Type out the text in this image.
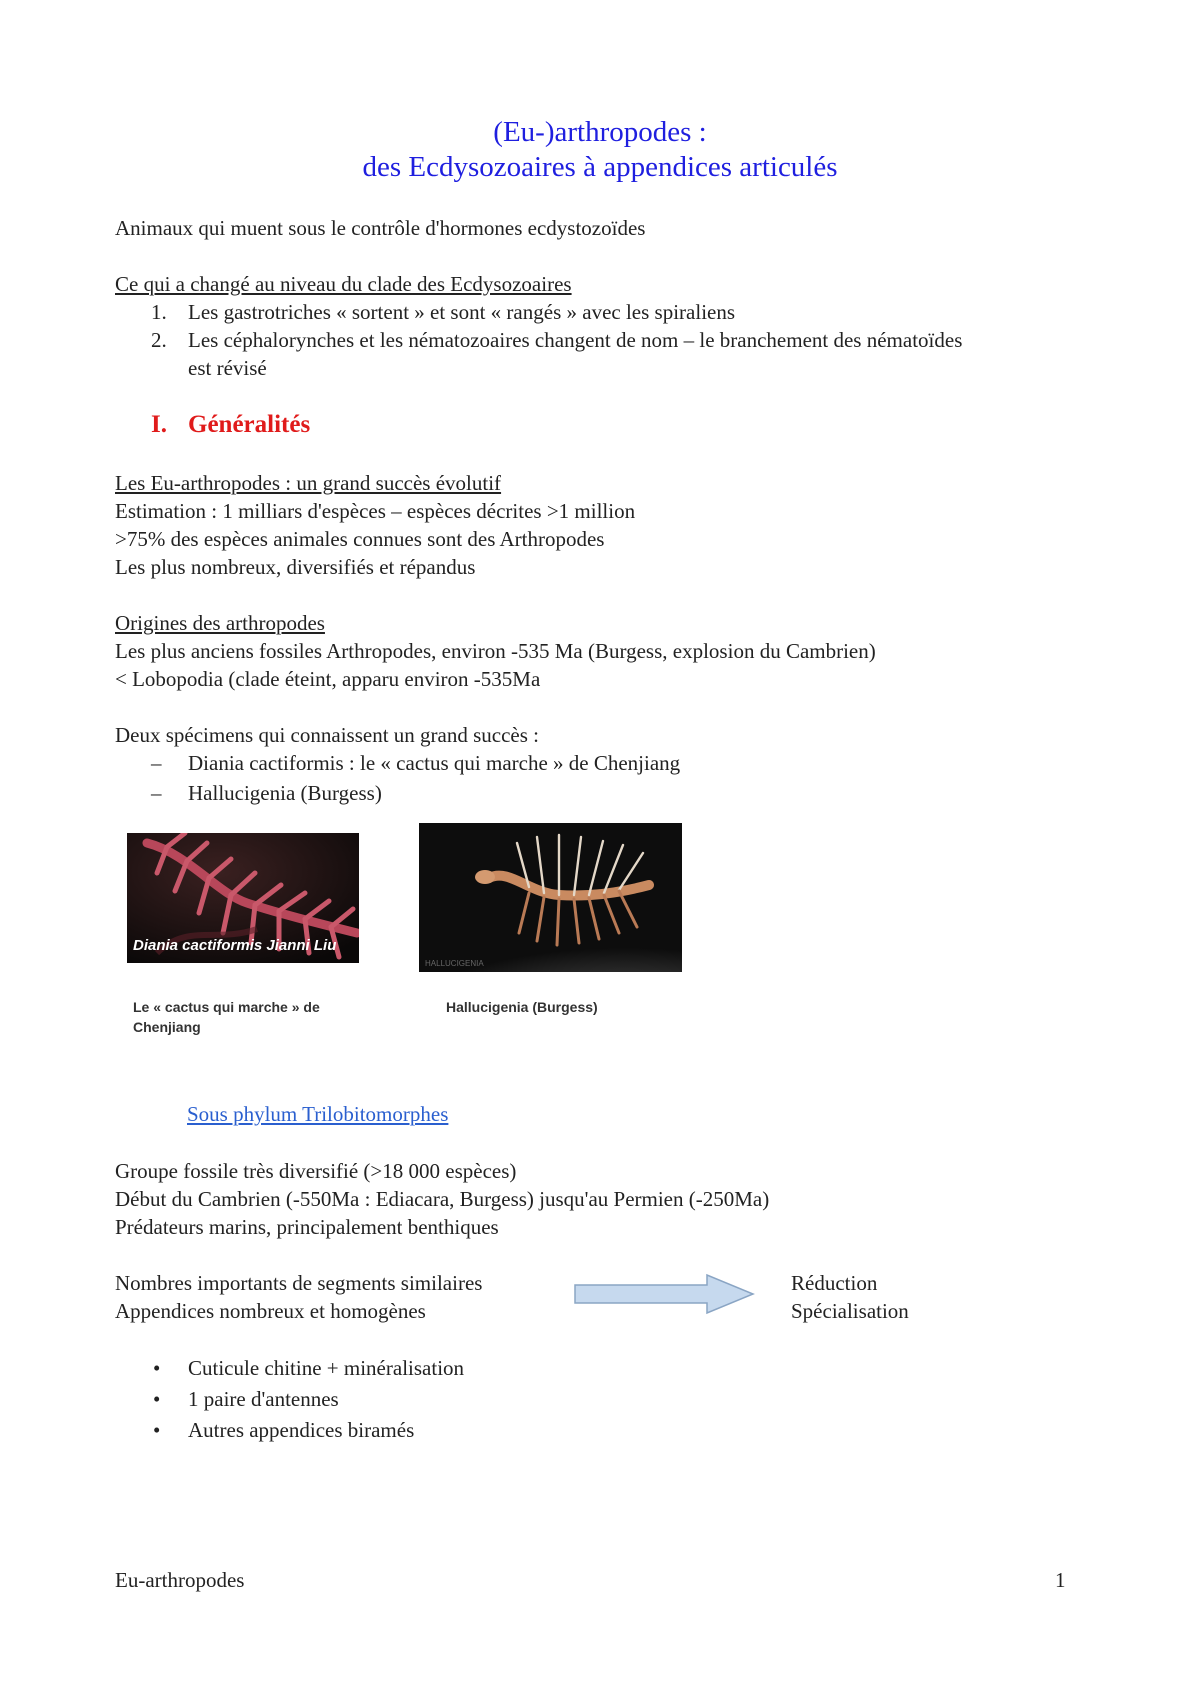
(Eu-)arthropodes :
des Ecdysozoaires à appendices articulés
Animaux qui muent sous le contrôle d'hormones ecdystozoïdes
Ce qui a changé au niveau du clade des Ecdysozoaires
1. Les gastrotriches « sortent » et sont « rangés » avec les spiraliens
2. Les céphalorynches et les nématozoaires changent de nom – le branchement des nématoïdes
est révisé
I. Généralités
Les Eu-arthropodes : un grand succès évolutif
Estimation : 1 milliars d'espèces – espèces décrites >1 million
>75% des espèces animales connues sont des Arthropodes
Les plus nombreux, diversifiés et répandus
Origines des arthropodes
Les plus anciens fossiles Arthropodes, environ -535 Ma (Burgess, explosion du Cambrien)
< Lobopodia (clade éteint, apparu environ -535Ma
Deux spécimens qui connaissent un grand succès :
– Diania cactiformis : le « cactus qui marche » de Chenjiang
– Hallucigenia (Burgess)
Diania cactiformis Jianni Liu
HALLUCIGENIA
Le « cactus qui marche » de Chenjiang
Hallucigenia (Burgess)
Sous phylum Trilobitomorphes
Groupe fossile très diversifié (>18 000 espèces)
Début du Cambrien (-550Ma : Ediacara, Burgess) jusqu'au Permien (-250Ma)
Prédateurs marins, principalement benthiques
Nombres importants de segments similaires
Appendices nombreux et homogènes
Réduction
Spécialisation
• Cuticule chitine + minéralisation
• 1 paire d'antennes
• Autres appendices biramés
Eu-arthropodes	1
